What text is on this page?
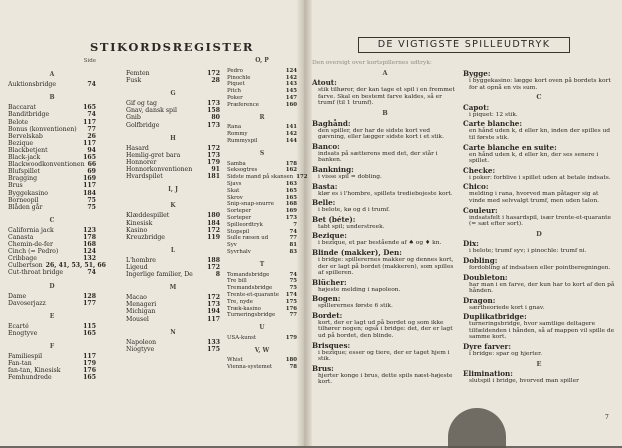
STIKORDSREGISTER
Side
A
Auktionsbridge	74
B
Baccarat	165
Banditbridge	74
Belote	117
Bonus (konventionen)	77
Bervelskab	26
Bezique	117
Blackbetjent	94
Black-jack	165
Blackwoodkonventionen 66
Blufspillet	69
Bragging	169
Brus	117
Byggekasino	184
Borneopil	75
Blåden går	75
C
California jack	123
Canasta	178
Chemin-de-fer	168
Cinch (= Pedro)	124
Cribbage	132
Culbertson 26, 41, 53, 51, 66
Cut-throat bridge	74
D
Dame	128
Davoserjazz	177
E
Ecarté	115
Enogtyve	165
F
Familiespil	117
Fan-tan	179
fan-tan, Kinesisk	176
Femhundrede	165
Femten	172
Fusk	28
G
Gif og tag	173
Gnav, dansk spil	158
Gnib	80
Golfbridge	173
H
Hasard	172
Hemlig-gret bara	173
Honnorer	179
Honnorkonventionen	91
Hvardspilet	181
I, J
K
Klæddespillet	180
Kinesisk	184
Kasino	172
Kreuzbridge	119
L
L'hombre	188
Ligeud	172
Ingerlige familier, De	8
M
Macao	172
Menageri	173
Michigan	194
Mousel	117
N
Napoleon	133
Niogtyve	175
O, P
Pedro	124
Pinochle	142
Piquet	143
Pitch	145
Poker	147
Præference	160
R
Rana	141
Rommy	142
Rummyspil	144
S
Samba	178
Seksogtres	162
Sidste mand på skansen 172
Sjavs	163
Skat	165
Skrov	165
Snip-snap-snurre	168
Sorteper	169
Sorteper	173
Spilleordtryk	7
Stopspil	74
Sulle ræsen ud	77
Syv	81
Syvrhalv	83
T
Tomandsbridge	74
Tre bill	75
Tremandsbridge	75
Trente-et-quarante	174
Tre, nyde	175
Træk-kasino	176
Turneringsbridge	77
U
USA-kunst	179
V, W
Whist	180
Vienna-systemet	78
DE VIGTIGSTE SPILLEUDTRYK
Den oversigt over kortspillernes udtryk:
A
Atout:
stik tilhører, der kan tage et spil i en fremmet farve. Skal en bestemt farve kaldes, så er trumf (til 1 trumf).
B
Baghånd:
den spiller, der har de sidste kort ved gævning, eller lægger sidste kort i et stik.
Banco:
indsats på sætterens med det, der står i banken.
Bankning:
i visse spil = dobling.
Basta:
klør es i l'hombre, spillets trediebojeste kort.
Belle:
i belote, kø og d i trumf.
Bet (béte):
tabt spil; understreek.
Bezique:
i bezique, et par bestående af ♠ og ♦ kn.
Blinde (makker), Den:
i bridge: spillerernes makker og dennes kort, der er lagt på bordet (makkeren), som spilles af spilleren.
Blücher:
højeste melding i napoleon.
Bogen:
spillerernes første 6 stik.
Bordet:
kort, der er lagt ud på bordet og som ikke tilhører nogen; også i bridge: det, der er lagt ud på bordet, den blinde.
Brisques:
i bezique; esser og tiere, der er taget hjem i stik.
Brus:
hjerter konge i brus, dette spils næst-højeste kort.
Bygge:
i byggekasino: lægge kort oven på bordets kort for at opnå en vis sum.
C
Capot:
i piquet: 12 stik.
Carte blanche:
en hånd uden k, d eller kn, inden der spilles ud til første stik.
Carte blanche en suite:
en hånd uden k, d eller kn, der ses senere i spillet.
Checke:
i poker: forblive i spillet uden at betale indsats.
Chico:
melding i rana, hvorved man påtager sig at vinde med selvvalgt trumf, men uden talon.
Couleur:
indsatsfelt i hasardspil, især trente-et-quarante (= sæt efter sort).
D
Dix:
i belote; trumf syv; i pinochle: trumf ni.
Dobling:
fordobling af indsatsen eller pointberegningen.
Doubleton:
har man i en farve, der kun har to kort af den på hånden.
Dragon:
særtheoriede kort i gnav.
Duplikatbridge:
turneringsbridge, hvor samtlige deltagere tilfældenden i hånden, så af mappen vil spille de samme kort.
Dyre farver:
i bridge: spar og hjerter.
E
Elimination:
slutspil i bridge, hvorved man spiller
7
